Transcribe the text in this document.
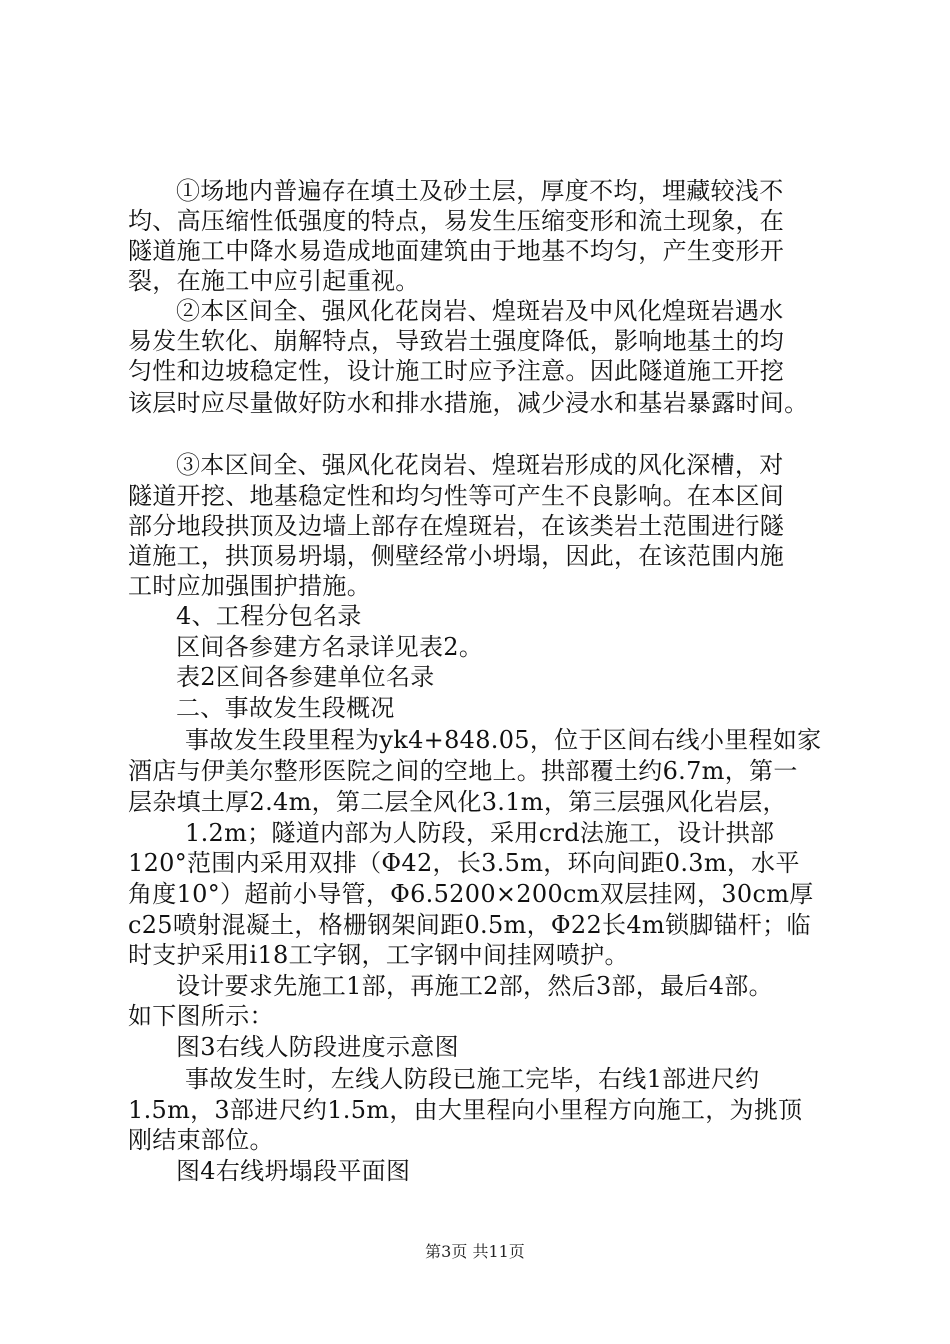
①场地内普遍存在填土及砂土层，厚度不均，埋藏较浅不
均、高压缩性低强度的特点，易发生压缩变形和流土现象，在
隧道施工中降水易造成地面建筑由于地基不均匀，产生变形开
裂，在施工中应引起重视。
②本区间全、强风化花岗岩、煌斑岩及中风化煌斑岩遇水
易发生软化、崩解特点，导致岩土强度降低，影响地基土的均
匀性和边坡稳定性，设计施工时应予注意。因此隧道施工开挖
该层时应尽量做好防水和排水措施，减少浸水和基岩暴露时间。
③本区间全、强风化花岗岩、煌斑岩形成的风化深槽，对
隧道开挖、地基稳定性和均匀性等可产生不良影响。在本区间
部分地段拱顶及边墙上部存在煌斑岩，在该类岩土范围进行隧
道施工，拱顶易坍塌，侧壁经常小坍塌，因此，在该范围内施
工时应加强围护措施。
4、工程分包名录
区间各参建方名录详见表2。
表2区间各参建单位名录
二、事故发生段概况
事故发生段里程为yk4+848.05，位于区间右线小里程如家
酒店与伊美尔整形医院之间的空地上。拱部覆土约6.7m，第一
层杂填土厚2.4m，第二层全风化3.1m，第三层强风化岩层，
1.2m；隧道内部为人防段，采用crd法施工，设计拱部
120°范围内采用双排（Φ42，长3.5m，环向间距0.3m，水平
角度10°）超前小导管，Φ6.5200×200cm双层挂网，30cm厚
c25喷射混凝土，格栅钢架间距0.5m，Φ22长4m锁脚锚杆；临
时支护采用i18工字钢，工字钢中间挂网喷护。
设计要求先施工1部，再施工2部，然后3部，最后4部。
如下图所示：
图3右线人防段进度示意图
事故发生时，左线人防段已施工完毕，右线1部进尺约
1.5m，3部进尺约1.5m，由大里程向小里程方向施工，为挑顶
刚结束部位。
图4右线坍塌段平面图
第3页 共11页
